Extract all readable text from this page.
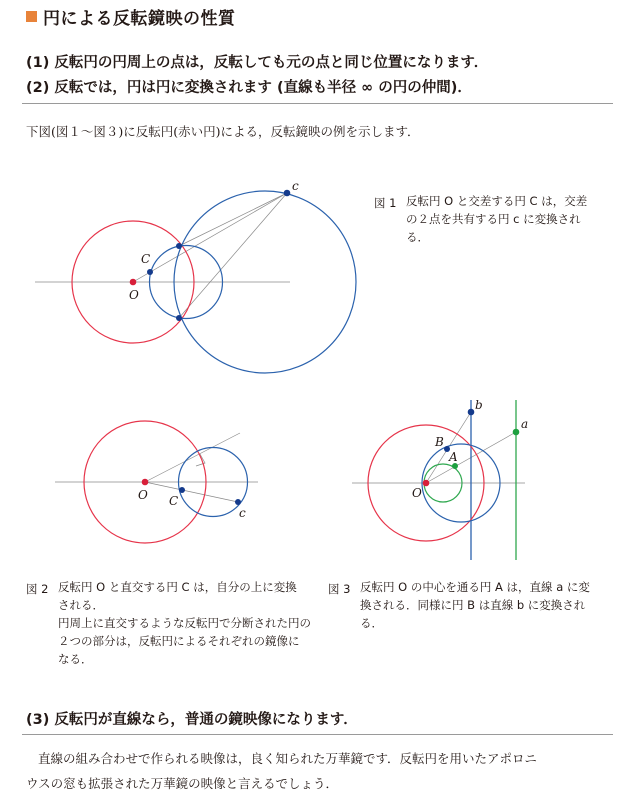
円による反転鏡映の性質
(1) 反転円の円周上の点は，反転しても元の点と同じ位置になります．
(2) 反転では，円は円に変換されます (直線も半径 ∞ の円の仲間)．
下図(図１～図３)に反転円(赤い円)による，反転鏡映の例を示します．
O
C
c
図 1 反転円 O と交差する円 C は，交差
の２点を共有する円 c に変換され
る．
O C
c
O
A
B
a
b
図 2 反転円 O と直交する円 C は，自分の上に変換
される．
円周上に直交するような反転円で分断された円の
２つの部分は，反転円によるそれぞれの鏡像に
なる．
図 3 反転円 O の中心を通る円 A は，直線 a に変
換される．同様に円 B は直線 b に変換され
る．
(3) 反転円が直線なら，普通の鏡映像になります．
直線の組み合わせで作られる映像は，良く知られた万華鏡です．反転円を用いたアポロニ
ウスの窓も拡張された万華鏡の映像と言えるでしょう．
